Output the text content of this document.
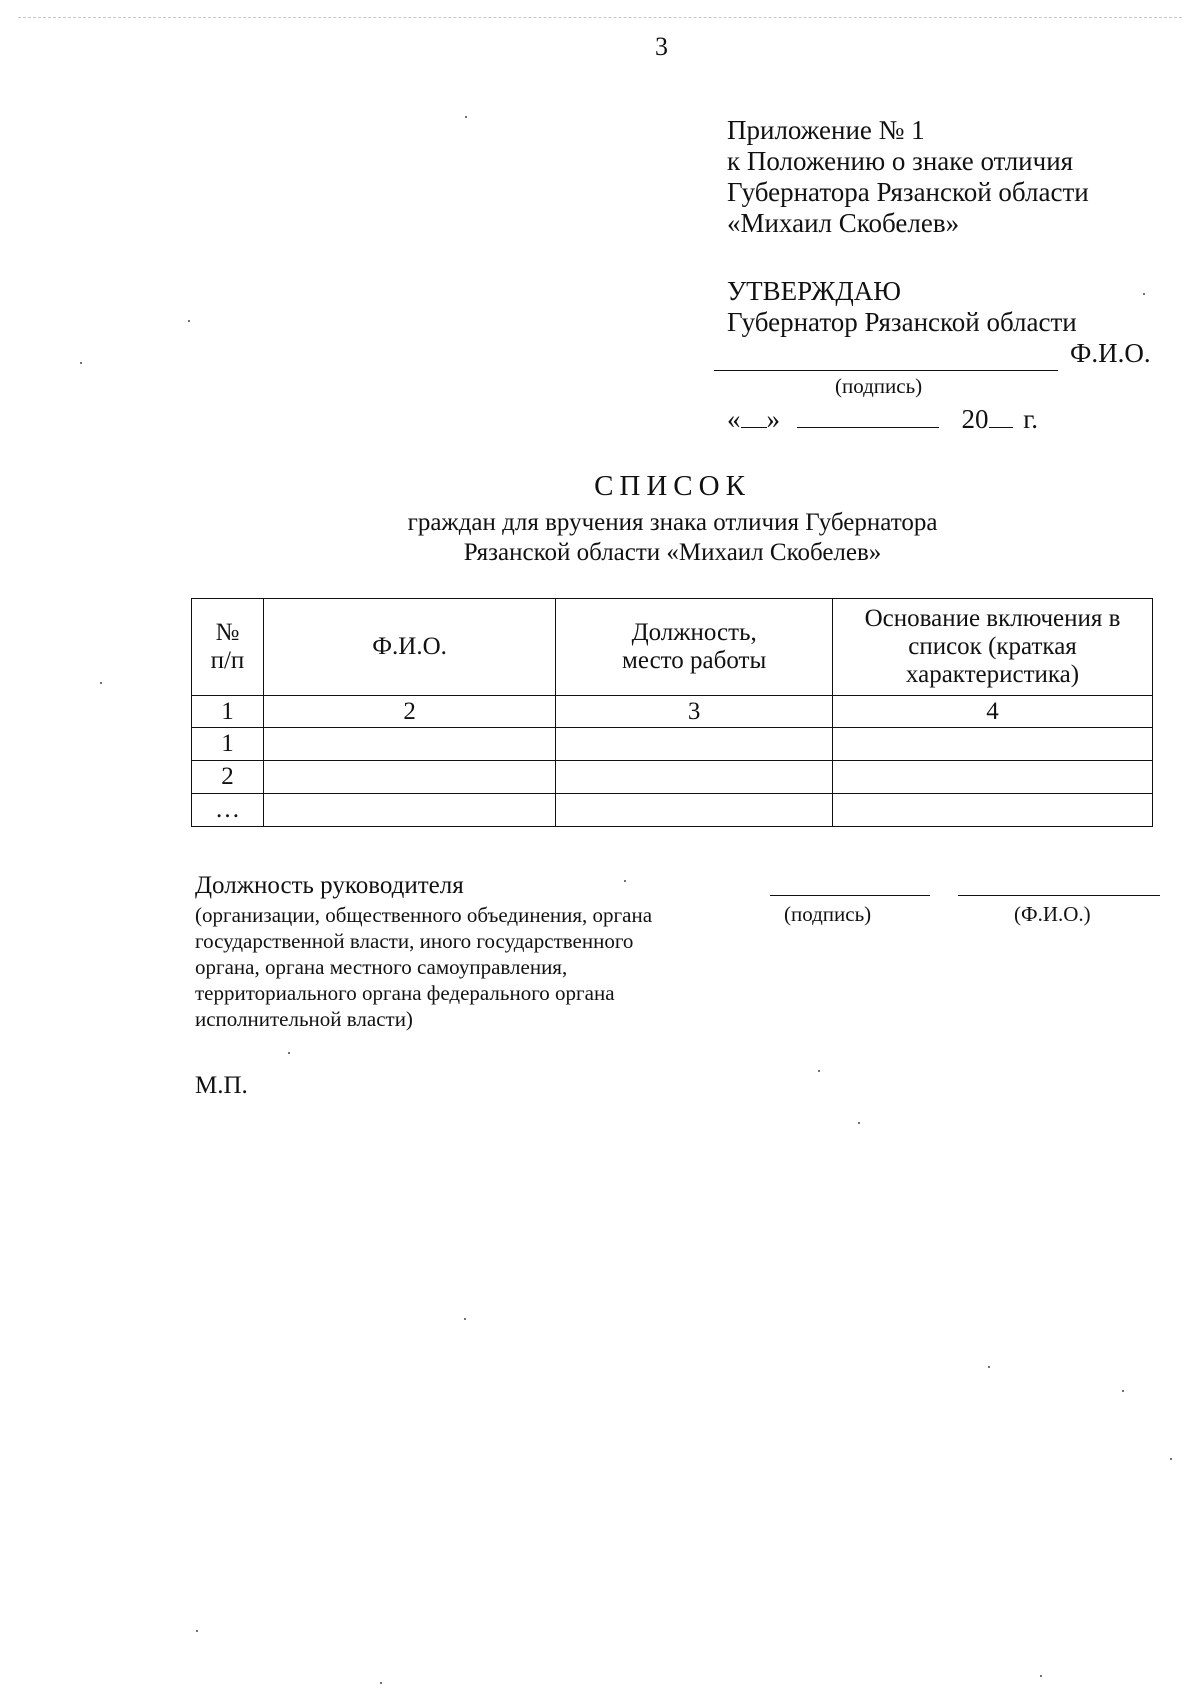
3
Приложение № 1
к Положению о знаке отличия
Губернатора Рязанской области
«Михаил Скобелев»
УТВЕРЖДАЮ
Губернатор Рязанской области
Ф.И.О.
(подпись)
« »	20 г.
СПИСОК
граждан для вручения знака отличия Губернатора Рязанской области «Михаил Скобелев»
№ п/п	Ф.И.О.	Должность, место работы	Основание включения в список (краткая характеристика)

1	2	3	4
1			
2			
…			
Должность руководителя
(организации, общественного объединения, органа
государственной власти, иного государственного
органа, органа местного самоуправления,
территориального органа федерального органа
исполнительной власти)
(подпись)	(Ф.И.О.)
М.П.
